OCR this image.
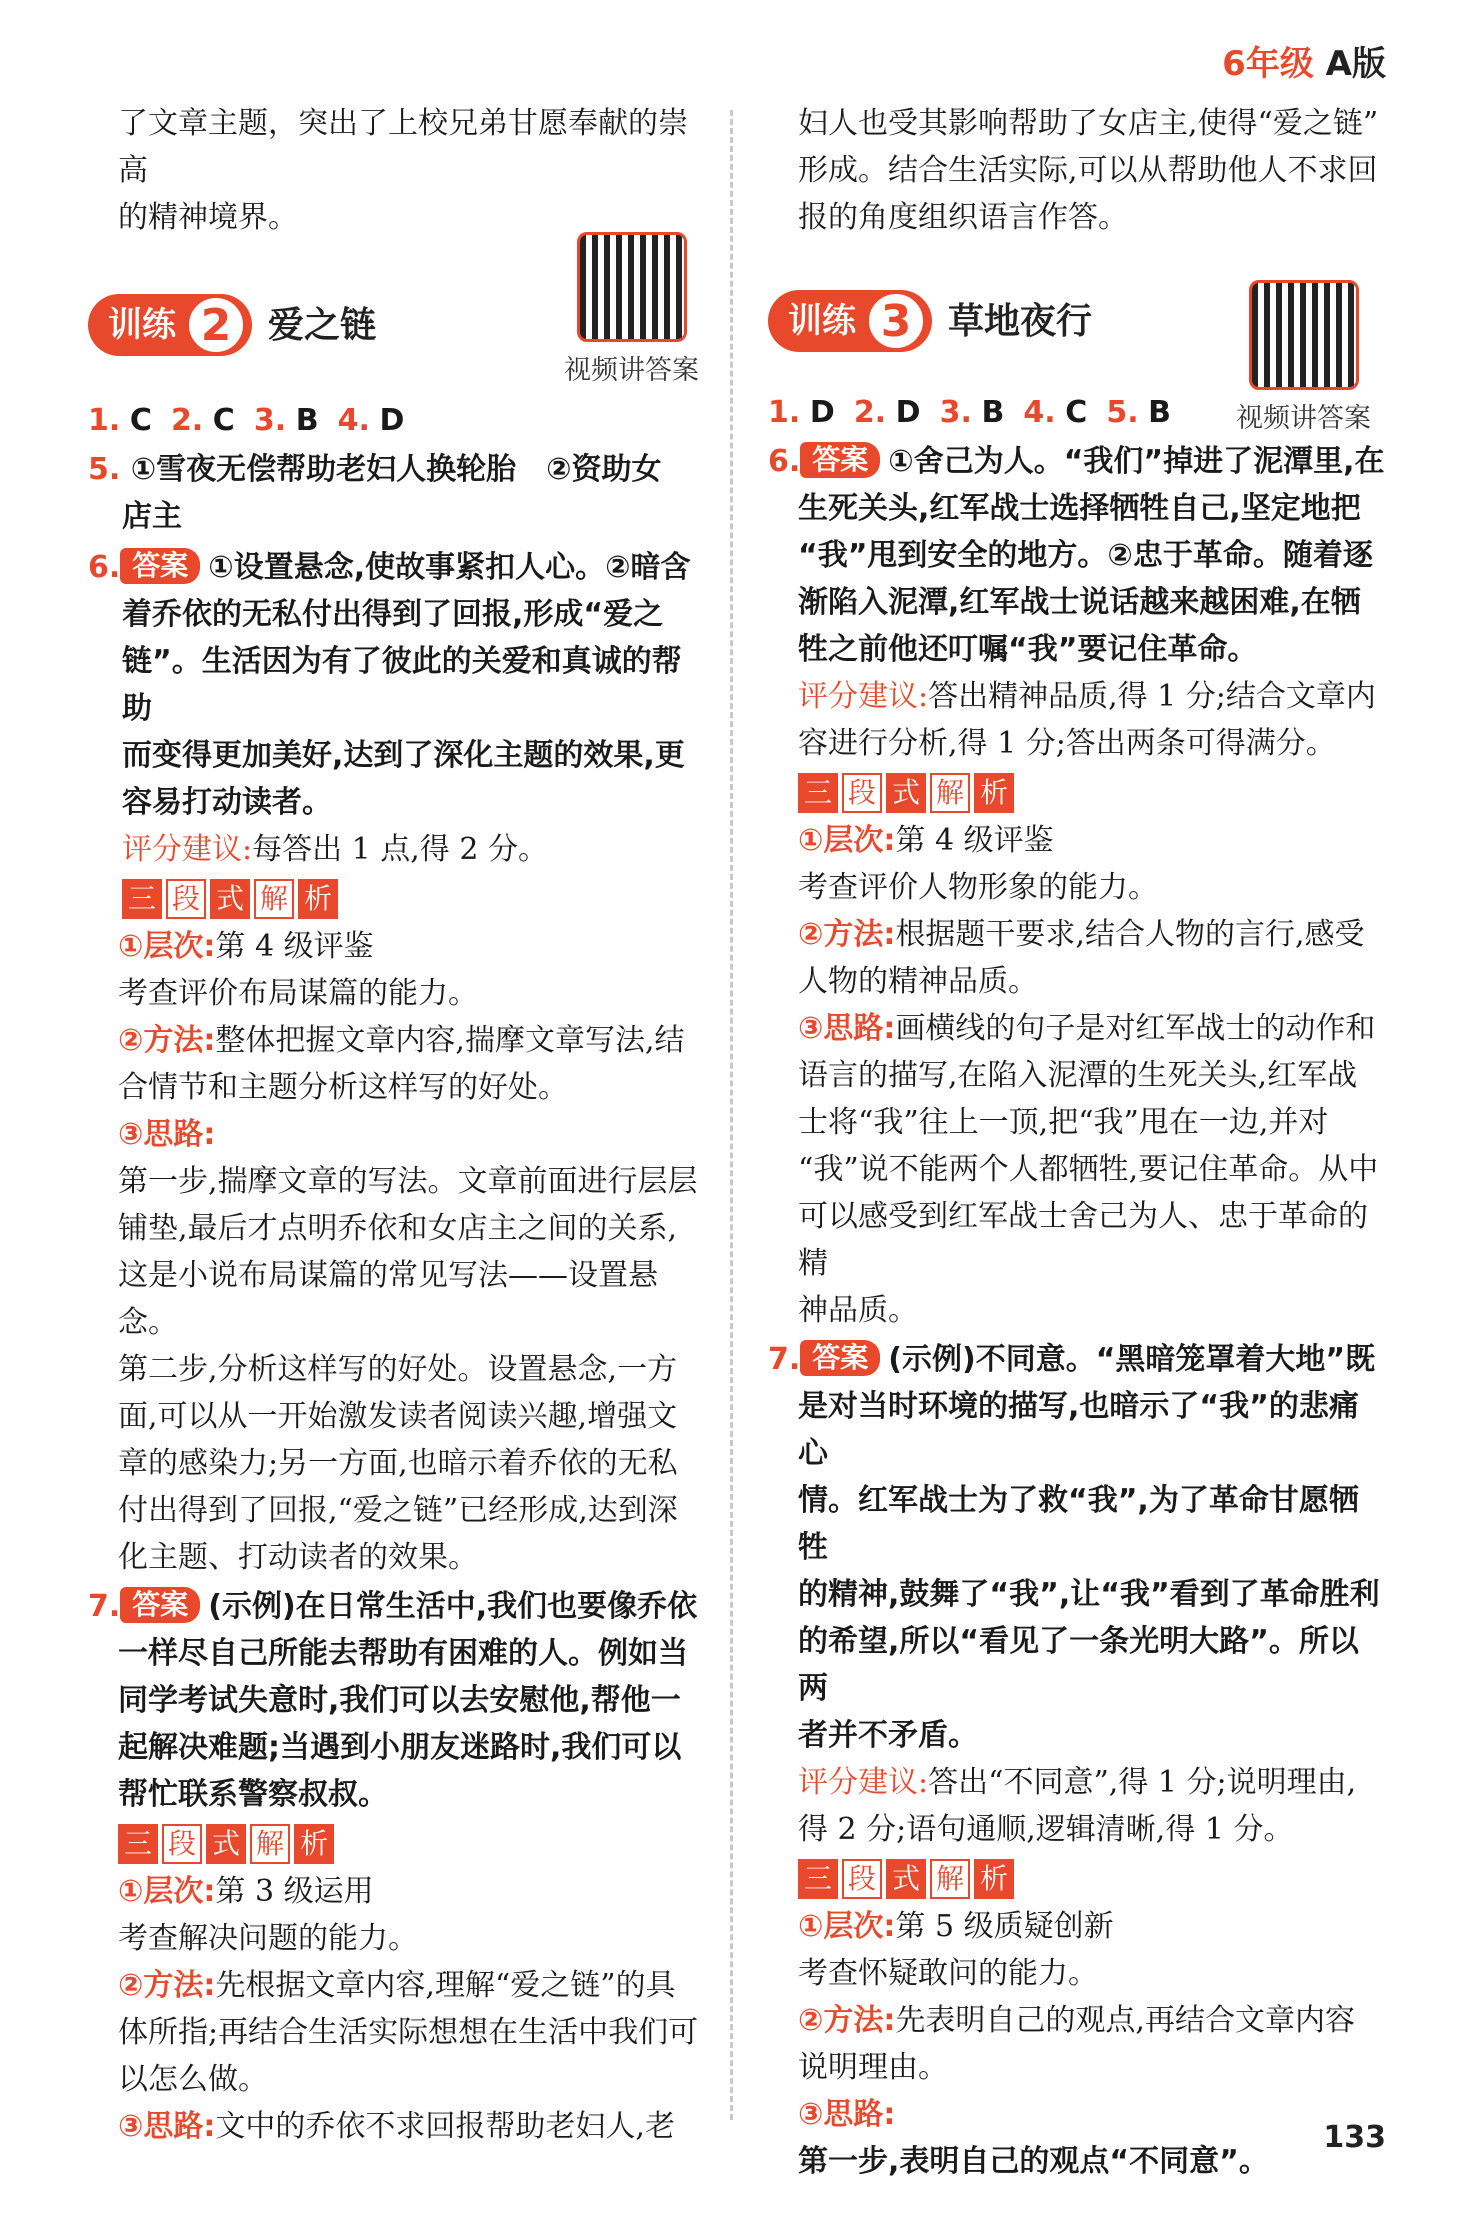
6年级 A版

了文章主题，突出了上校兄弟甘愿奉献的崇高

的精神境界。

训练 2	爱之链
1. C 2. C 3. B 4. D

5. ①雪夜无偿帮助老妇人换轮胎　②资助女

店主

6. 答案 ①设置悬念,使故事紧扣人心。②暗含

着乔依的无私付出得到了回报,形成“爱之

链”。生活因为有了彼此的关爱和真诚的帮助

而变得更加美好,达到了深化主题的效果,更

容易打动读者。

评分建议:每答出 1 点,得 2 分。

三 段 式 解 析

①层次:第 4 级评鉴

考查评价布局谋篇的能力。

②方法:整体把握文章内容,揣摩文章写法,结

合情节和主题分析这样写的好处。

③思路:

第一步,揣摩文章的写法。文章前面进行层层

铺垫,最后才点明乔依和女店主之间的关系,

这是小说布局谋篇的常见写法——设置悬念。

第二步,分析这样写的好处。设置悬念,一方

面,可以从一开始激发读者阅读兴趣,增强文

章的感染力;另一方面,也暗示着乔依的无私

付出得到了回报,“爱之链”已经形成,达到深

化主题、打动读者的效果。

7. 答案 (示例)在日常生活中,我们也要像乔依

一样尽自己所能去帮助有困难的人。例如当

同学考试失意时,我们可以去安慰他,帮他一

起解决难题;当遇到小朋友迷路时,我们可以

帮忙联系警察叔叔。

三 段 式 解 析

①层次:第 3 级运用

考查解决问题的能力。

②方法:先根据文章内容,理解“爱之链”的具

体所指;再结合生活实际想想在生活中我们可

以怎么做。

③思路:文中的乔依不求回报帮助老妇人,老

视频讲答案

妇人也受其影响帮助了女店主,使得“爱之链”

形成。结合生活实际,可以从帮助他人不求回

报的角度组织语言作答。

训练 3	草地夜行
1. D 2. D 3. B 4. C 5. B

6. 答案 ①舍己为人。“我们”掉进了泥潭里,在

生死关头,红军战士选择牺牲自己,坚定地把

“我”甩到安全的地方。②忠于革命。随着逐

渐陷入泥潭,红军战士说话越来越困难,在牺

牲之前他还叮嘱“我”要记住革命。

评分建议:答出精神品质,得 1 分;结合文章内

容进行分析,得 1 分;答出两条可得满分。

三 段 式 解 析

①层次:第 4 级评鉴

考查评价人物形象的能力。

②方法:根据题干要求,结合人物的言行,感受

人物的精神品质。

③思路:画横线的句子是对红军战士的动作和

语言的描写,在陷入泥潭的生死关头,红军战

士将“我”往上一顶,把“我”甩在一边,并对

“我”说不能两个人都牺牲,要记住革命。从中

可以感受到红军战士舍己为人、忠于革命的精

神品质。

7. 答案 (示例)不同意。“黑暗笼罩着大地”既

是对当时环境的描写,也暗示了“我”的悲痛心

情。红军战士为了救“我”,为了革命甘愿牺牲

的精神,鼓舞了“我”,让“我”看到了革命胜利

的希望,所以“看见了一条光明大路”。所以两

者并不矛盾。

评分建议:答出“不同意”,得 1 分;说明理由,

得 2 分;语句通顺,逻辑清晰,得 1 分。

三 段 式 解 析

①层次:第 5 级质疑创新

考查怀疑敢问的能力。

②方法:先表明自己的观点,再结合文章内容

说明理由。

③思路:

第一步,表明自己的观点“不同意”。

视频讲答案
133
